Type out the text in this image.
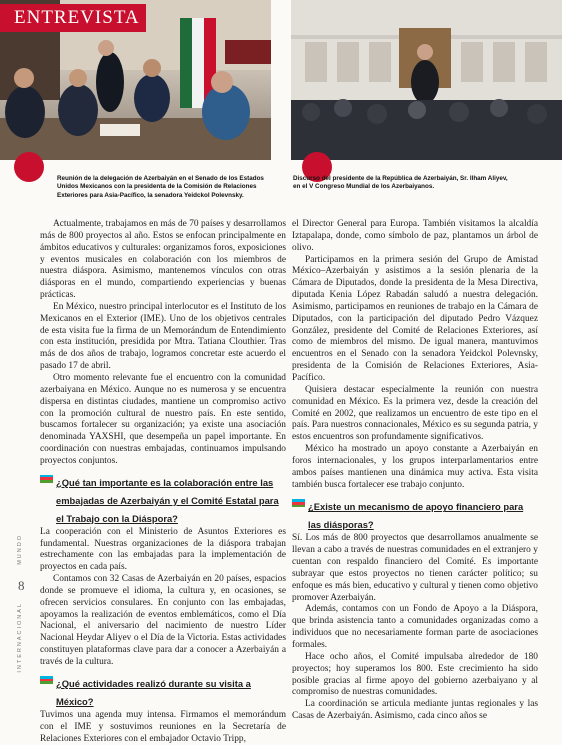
ENTREVISTA
Reunión de la delegación de Azerbaiyán en el Senado de los Estados Unidos Mexicanos con la presidenta de la Comisión de Relaciones Exteriores para Asia-Pacífico, la senadora Yeidckol Polevnsky.
Discurso del presidente de la República de Azerbaiyán, Sr. Ilham Aliyev, en el V Congreso Mundial de los Azerbaiyanos.
MUNDO
8
INTERNACIONAL

Actualmente, trabajamos en más de 70 países y desarrollamos más de 800 proyectos al año. Estos se enfocan principalmente en ámbitos educativos y culturales: organizamos foros, exposiciones y eventos musicales en colaboración con los miembros de nuestra diáspora. Asimismo, mantenemos vínculos con otras diásporas en el mundo, compartiendo experiencias y buenas prácticas.

En México, nuestro principal interlocutor es el Instituto de los Mexicanos en el Exterior (IME). Uno de los objetivos centrales de esta visita fue la firma de un Memorándum de Entendimiento con esta institución, presidida por Mtra. Tatiana Clouthier. Tras más de dos años de trabajo, logramos concretar este acuerdo el pasado 17 de abril.

Otro momento relevante fue el encuentro con la comunidad azerbaiyana en México. Aunque no es numerosa y se encuentra dispersa en distintas ciudades, mantiene un compromiso activo con la promoción cultural de nuestro país. En este sentido, buscamos fortalecer su organización; ya existe una asociación denominada YAXSHI, que desempeña un papel importante. En coordinación con nuestras embajadas, continuamos impulsando proyectos conjuntos.

¿Qué tan importante es la colaboración entre las embajadas de Azerbaiyán y el Comité Estatal para el Trabajo con la Diáspora?

La cooperación con el Ministerio de Asuntos Exteriores es fundamental. Nuestras organizaciones de la diáspora trabajan estrechamente con las embajadas para la implementación de proyectos en cada país.

Contamos con 32 Casas de Azerbaiyán en 20 países, espacios donde se promueve el idioma, la cultura y, en ocasiones, se ofrecen servicios consulares. En conjunto con las embajadas, apoyamos la realización de eventos emblemáticos, como el Día Nacional, el aniversario del nacimiento de nuestro Líder Nacional Heydar Aliyev o el Día de la Victoria. Estas actividades constituyen plataformas clave para dar a conocer a Azerbaiyán a través de la cultura.

¿Qué actividades realizó durante su visita a México?

Tuvimos una agenda muy intensa. Firmamos el memorándum con el IME y sostuvimos reuniones en la Secretaría de Relaciones Exteriores con el embajador Octavio Tripp,

el Director General para Europa. También visitamos la alcaldía Iztapalapa, donde, como símbolo de paz, plantamos un árbol de olivo.

Participamos en la primera sesión del Grupo de Amistad México–Azerbaiyán y asistimos a la sesión plenaria de la Cámara de Diputados, donde la presidenta de la Mesa Directiva, diputada Kenia López Rabadán saludó a nuestra delegación. Asimismo, participamos en reuniones de trabajo en la Cámara de Diputados, con la participación del diputado Pedro Vázquez González, presidente del Comité de Relaciones Exteriores, así como de miembros del mismo. De igual manera, mantuvimos encuentros en el Senado con la senadora Yeidckol Polevnsky, presidenta de la Comisión de Relaciones Exteriores, Asia-Pacífico.

Quisiera destacar especialmente la reunión con nuestra comunidad en México. Es la primera vez, desde la creación del Comité en 2002, que realizamos un encuentro de este tipo en el país. Para nuestros connacionales, México es su segunda patria, y estos encuentros son profundamente significativos.

México ha mostrado un apoyo constante a Azerbaiyán en foros internacionales, y los grupos interparlamentarios entre ambos países mantienen una dinámica muy activa. Esta visita también busca fortalecer ese trabajo conjunto.

¿Existe un mecanismo de apoyo financiero para las diásporas?

Sí. Los más de 800 proyectos que desarrollamos anualmente se llevan a cabo a través de nuestras comunidades en el extranjero y cuentan con respaldo financiero del Comité. Es importante subrayar que estos proyectos no tienen carácter político; su enfoque es más bien, educativo y cultural y tienen como objetivo promover Azerbaiyán.

Además, contamos con un Fondo de Apoyo a la Diáspora, que brinda asistencia tanto a comunidades organizadas como a individuos que no necesariamente forman parte de asociaciones formales.

Hace ocho años, el Comité impulsaba alrededor de 180 proyectos; hoy superamos los 800. Este crecimiento ha sido posible gracias al firme apoyo del gobierno azerbaiyano y al compromiso de nuestras comunidades.

La coordinación se articula mediante juntas regionales y las Casas de Azerbaiyán. Asimismo, cada cinco años se
